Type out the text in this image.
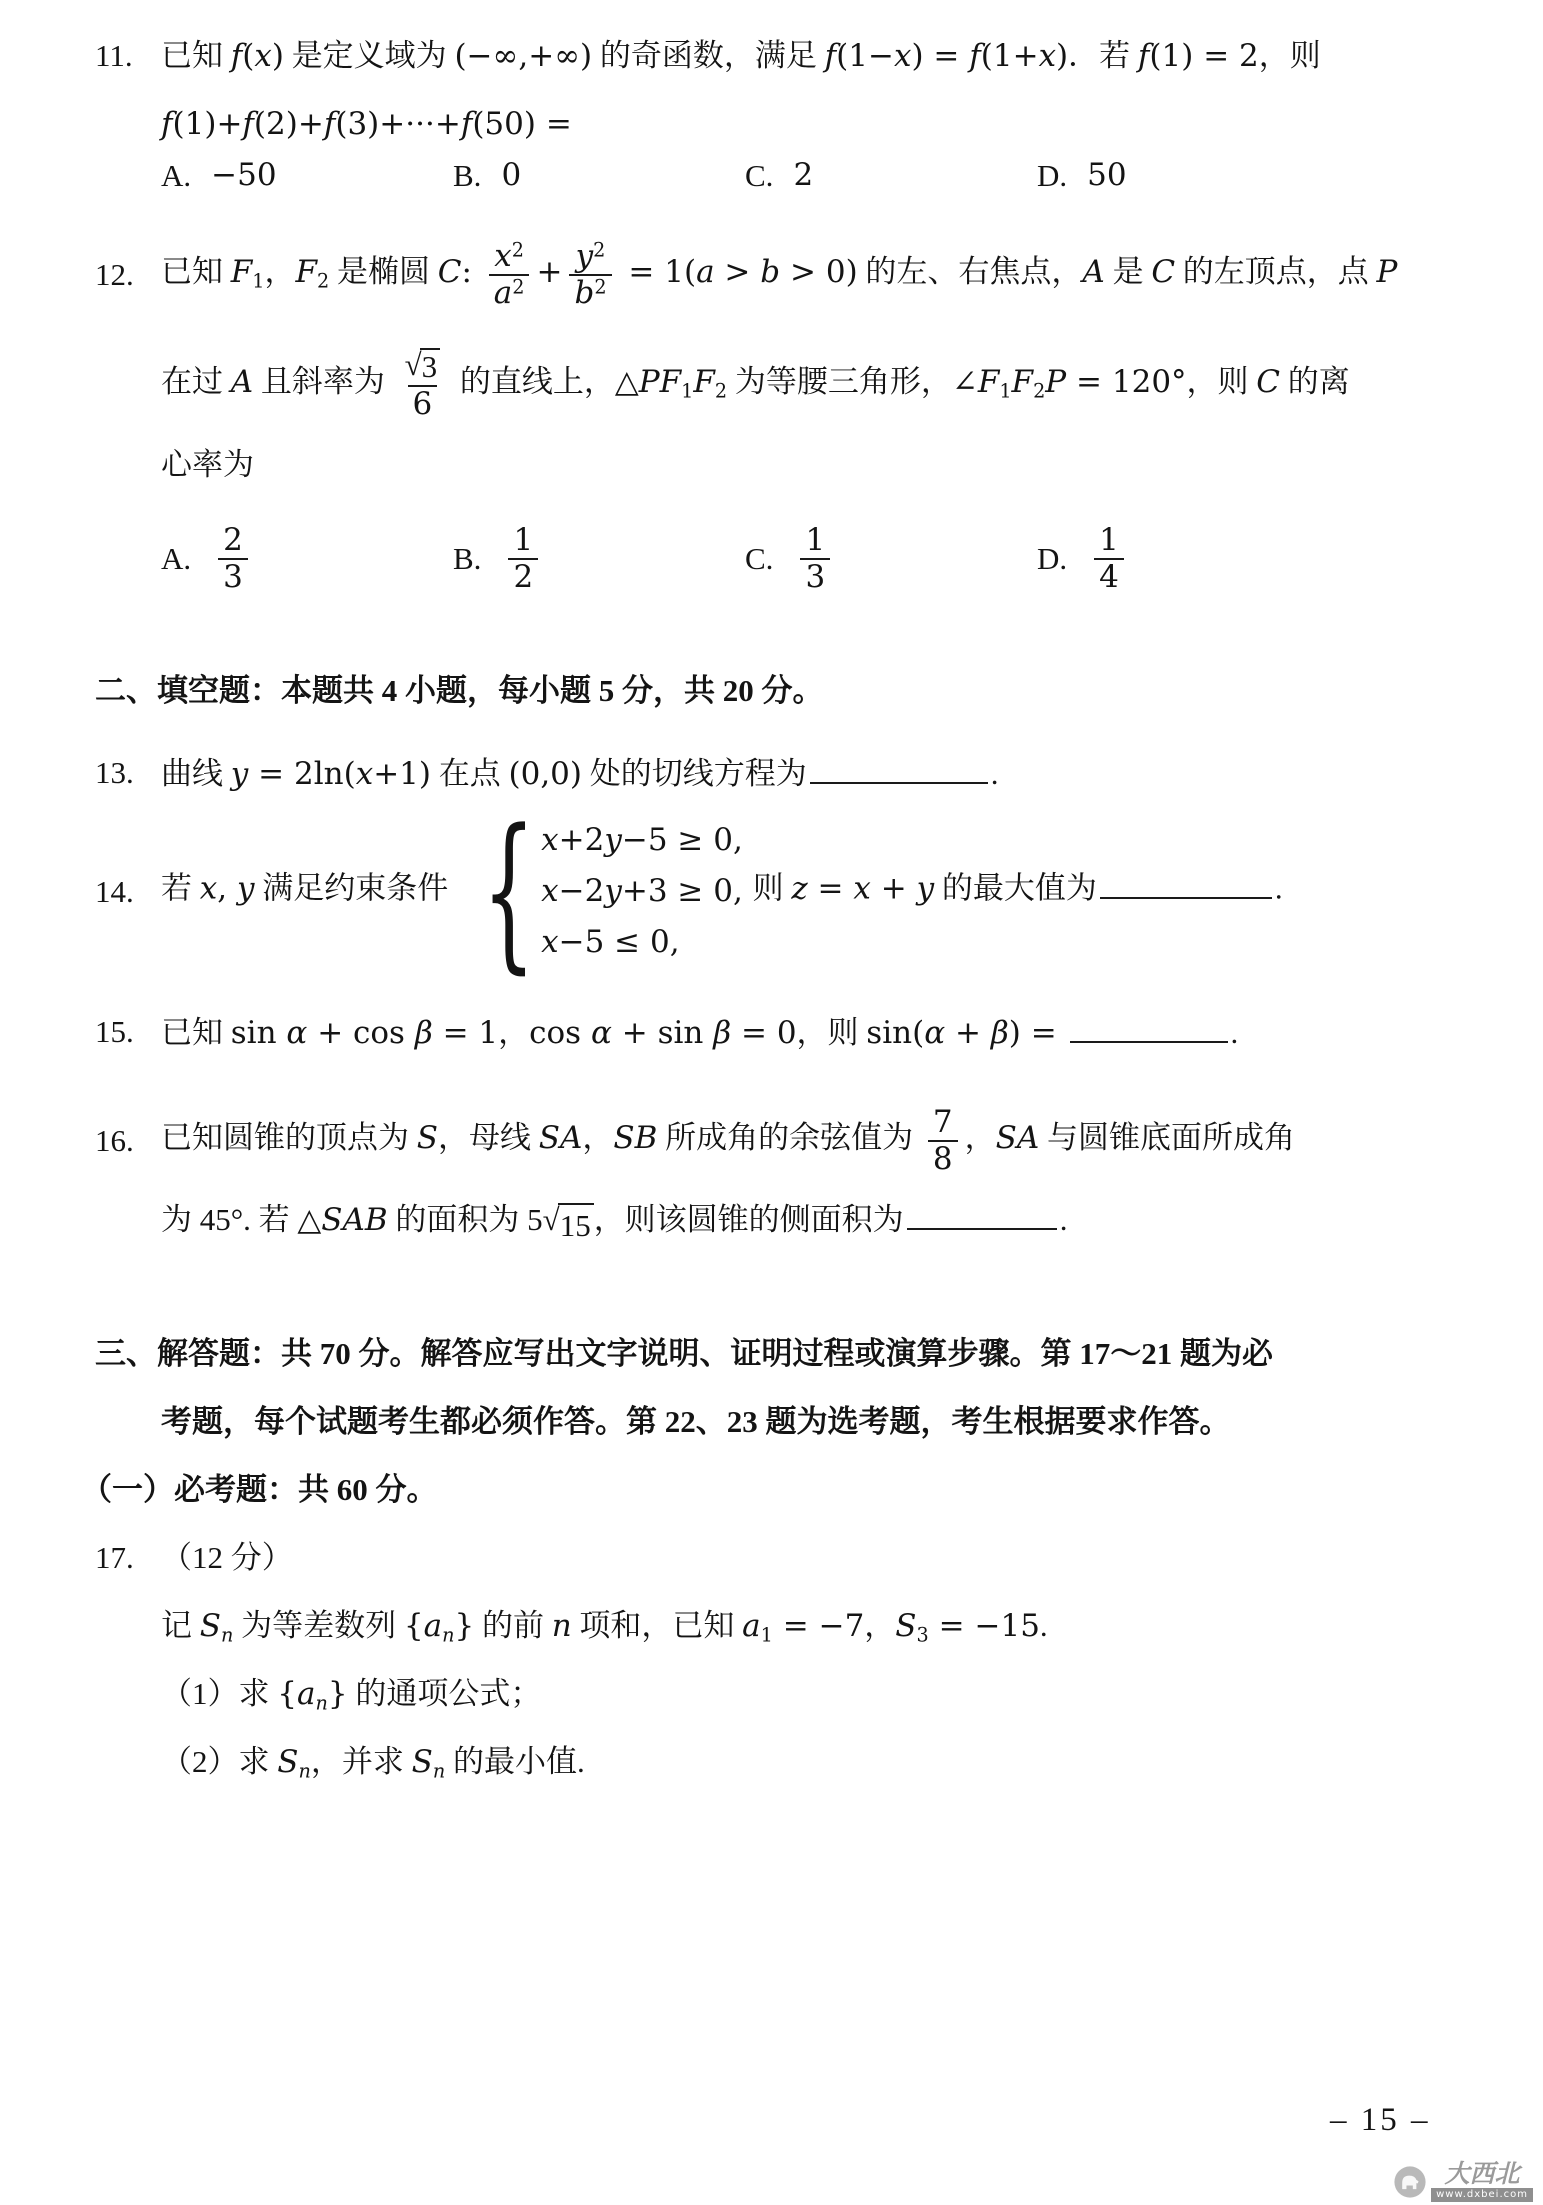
11. 已知 f(x) 是定义域为 (−∞,+∞) 的奇函数，满足 f(1−x) = f(1+x)．若 f(1) = 2，则
f(1)+f(2)+f(3)+···+f(50) =
A. −50	B. 0	C. 2	D. 50
12. 已知 $F_1$，$F_2$ 是椭圆 C: $\frac{x^2}{a^2} + \frac{y^2}{b^2} = 1(a > b > 0)$ 的左、右焦点，A 是 C 的左顶点，点 P
在过 A 且斜率为 $\frac{√ 3}{6}$ 的直线上，$\triangle PF_1F_2$ 为等腰三角形，$\angle F_1F_2P = 120^\circ$，则 C 的离
心率为
A. $\frac{2}{3}$	B. $\frac{1}{2}$	C. $\frac{1}{3}$	D. $\frac{1}{4}$
二、填空题：本题共 4 小题，每小题 5 分，共 20 分。
13. 曲线 y = 2ln(x+1) 在点 (0,0) 处的切线方程为	.
14. 若 x, y 满足约束条件 { x+2y−5 ≥ 0,
x−2y+3 ≥ 0,
x−5 ≤ 0,
则 z = x + y 的最大值为	.
15. 已知 sin α + cos β = 1，cos α + sin β = 0，则 sin(α + β) =	.
16. 已知圆锥的顶点为 S，母线 SA，SB 所成角的余弦值为 $\frac{7}{8}$ ，SA 与圆锥底面所成角
为 45°. 若 △SAB 的面积为 5 √ 15 ，则该圆锥的侧面积为	.
三、解答题：共 70 分。解答应写出文字说明、证明过程或演算步骤。第 17～21 题为必
考题，每个试题考生都必须作答。第 22、23 题为选考题，考生根据要求作答。
（一）必考题：共 60 分。
17. （12 分）
记 $S_n$ 为等差数列 $\{a_n\}$ 的前 n 项和，已知 $a_1 = -7$，$S_3 = -15$.
（1）求 $\{a_n\}$ 的通项公式；
（2）求 $S_n$，并求 $S_n$ 的最小值.
– 15 –
大西北
www.dxbei.com
